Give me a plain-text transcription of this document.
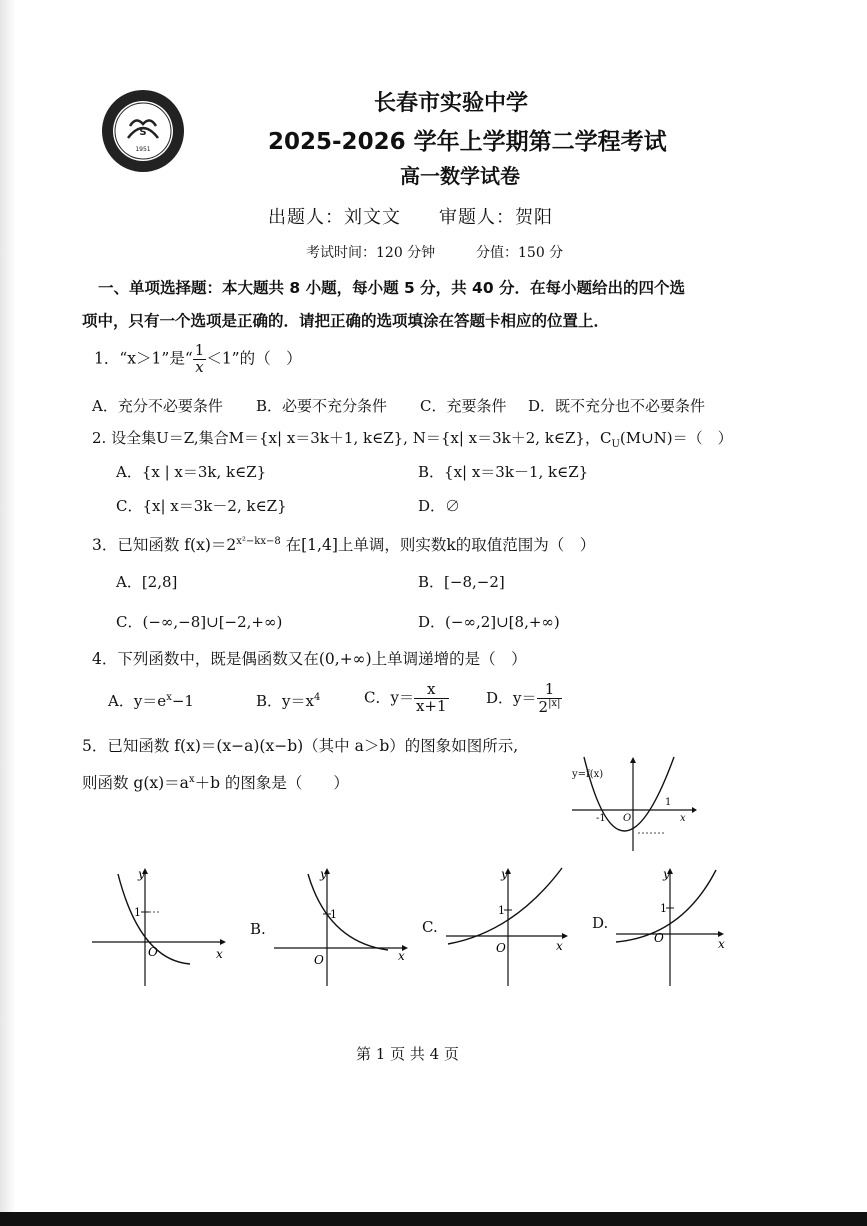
S
1951
长春市实验中学
2025-2026 学年上学期第二学程考试
高一数学试卷
出题人：刘文文　　审题人：贺阳
考试时间：120 分钟	分值：150 分
一、单项选择题：本大题共 8 小题，每小题 5 分，共 40 分．在每小题给出的四个选
项中，只有一个选项是正确的．请把正确的选项填涂在答题卡相应的位置上．
1．“x＞1”是“ $\frac{1}{x} <1$”的（　）
A．充分不必要条件 B．必要不充分条件 C．充要条件 D．既不充分也不必要条件
2. 设全集U＝Z,集合M＝{x| x＝3k＋1, k∈Z}, N＝{x| x＝3k＋2, k∈Z}，$C_U(M\cup N)=$（　）
A．{x | x＝3k, k∈Z}	B．{x| x＝3k－1, k∈Z}
C．{x| x＝3k－2, k∈Z}	D．∅
3．已知函数 $f(x)=2^{x^2-kx-8}$ 在[1,4]上单调，则实数k的取值范围为（　）
A．[2,8]	B．[−8,−2]
C．(−∞,−8]∪[−2,+∞)	D．(−∞,2]∪[8,+∞)
4．下列函数中，既是偶函数又在(0,+∞)上单调递增的是（　）
A．$y=e^x-1$	B．$y=x^4$	C．$y= \frac{x}{x+1}$ D．$y= \frac{1}{2^{|x|}}$
5．已知函数 f(x)＝(x−a)(x−b)（其中 a＞b）的图象如图所示,
则函数 $g(x)=a^x+b$ 的图象是（　　）	y=f(x)
-1 O
1
x
y
1
O	x
B.
y
1
O	x
C.
y
1
O	x
D.
y
1
O	x
第 1 页 共 4 页
